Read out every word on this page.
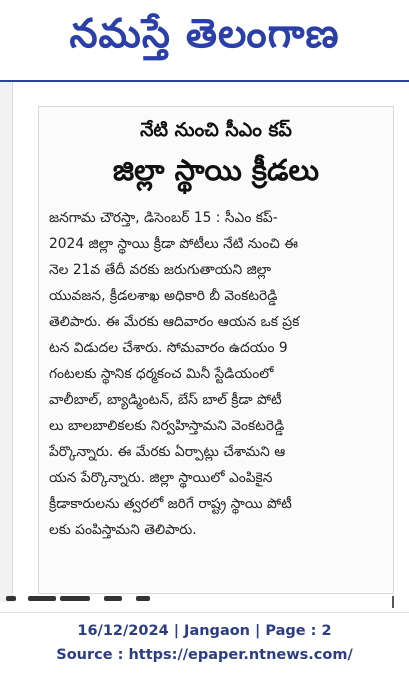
నమస్తే తెలంగాణ
నేటి నుంచి సీఎం కప్
జిల్లా స్థాయి క్రీడలు
జనగామ చౌరస్తా, డిసెంబర్ 15 : సీఎం కప్-
2024 జిల్లా స్థాయి క్రీడా పోటీలు నేటి నుంచి ఈ
నెల 21వ తేదీ వరకు జరుగుతాయని జిల్లా
యువజన, క్రీడలశాఖ అధికారి బీ వెంకటరెడ్డి
తెలిపారు. ఈ మేరకు ఆదివారం ఆయన ఒక ప్రక
టన విడుదల చేశారు. సోమవారం ఉదయం 9
గంటలకు స్థానిక ధర్మకంచ మినీ స్టేడియంలో
వాలీబాల్, బ్యాడ్మింటన్, బేస్ బాల్ క్రీడా పోటీ
లు బాలబాలికలకు నిర్వహిస్తామని వెంకటరెడ్డి
పేర్కొన్నారు. ఈ మేరకు ఏర్పాట్లు చేశామని ఆ
యన పేర్కొన్నారు. జిల్లా స్థాయిలో ఎంపికైన
క్రీడాకారులను త్వరలో జరిగే రాష్ట్ర స్థాయి పోటీ
లకు పంపిస్తామని తెలిపారు.
16/12/2024 | Jangaon | Page : 2
Source : https://epaper.ntnews.com/
